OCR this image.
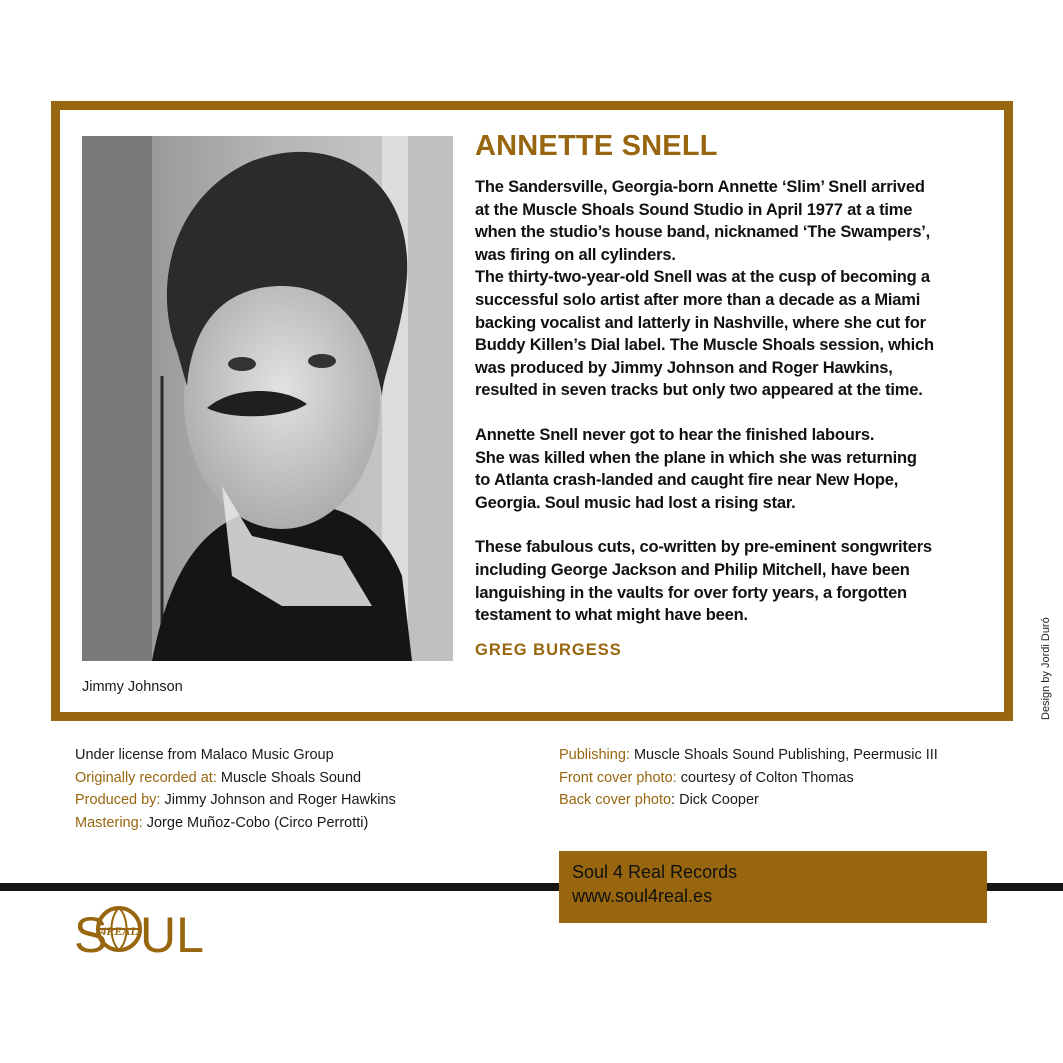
Jimmy Johnson
ANNETTE SNELL

The Sandersville, Georgia-born Annette ‘Slim’ Snell arrived
at the Muscle Shoals Sound Studio in April 1977 at a time
when the studio’s house band, nicknamed ‘The Swampers’,
was firing on all cylinders.
The thirty-two-year-old Snell was at the cusp of becoming a
successful solo artist after more than a decade as a Miami
backing vocalist and latterly in Nashville, where she cut for
Buddy Killen’s Dial label. The Muscle Shoals session, which
was produced by Jimmy Johnson and Roger Hawkins,
resulted in seven tracks but only two appeared at the time.

Annette Snell never got to hear the finished labours.
She was killed when the plane in which she was returning
to Atlanta crash-landed and caught fire near New Hope,
Georgia. Soul music had lost a rising star.

These fabulous cuts, co-written by pre-eminent songwriters
including George Jackson and Philip Mitchell, have been
languishing in the vaults for over forty years, a forgotten
testament to what might have been.

GREG BURGESS	Design by Jordi Duró
Under license from Malaco Music Group
Originally recorded at: Muscle Shoals Sound
Produced by: Jimmy Johnson and Roger Hawkins
Mastering: Jorge Muñoz-Cobo (Circo Perrotti)
Publishing: Muscle Shoals Sound Publishing, Peermusic III
Front cover photo: courtesy of Colton Thomas
Back cover photo: Dick Cooper
Soul 4 Real Records
www.soul4real.es
S
4REAL UL
